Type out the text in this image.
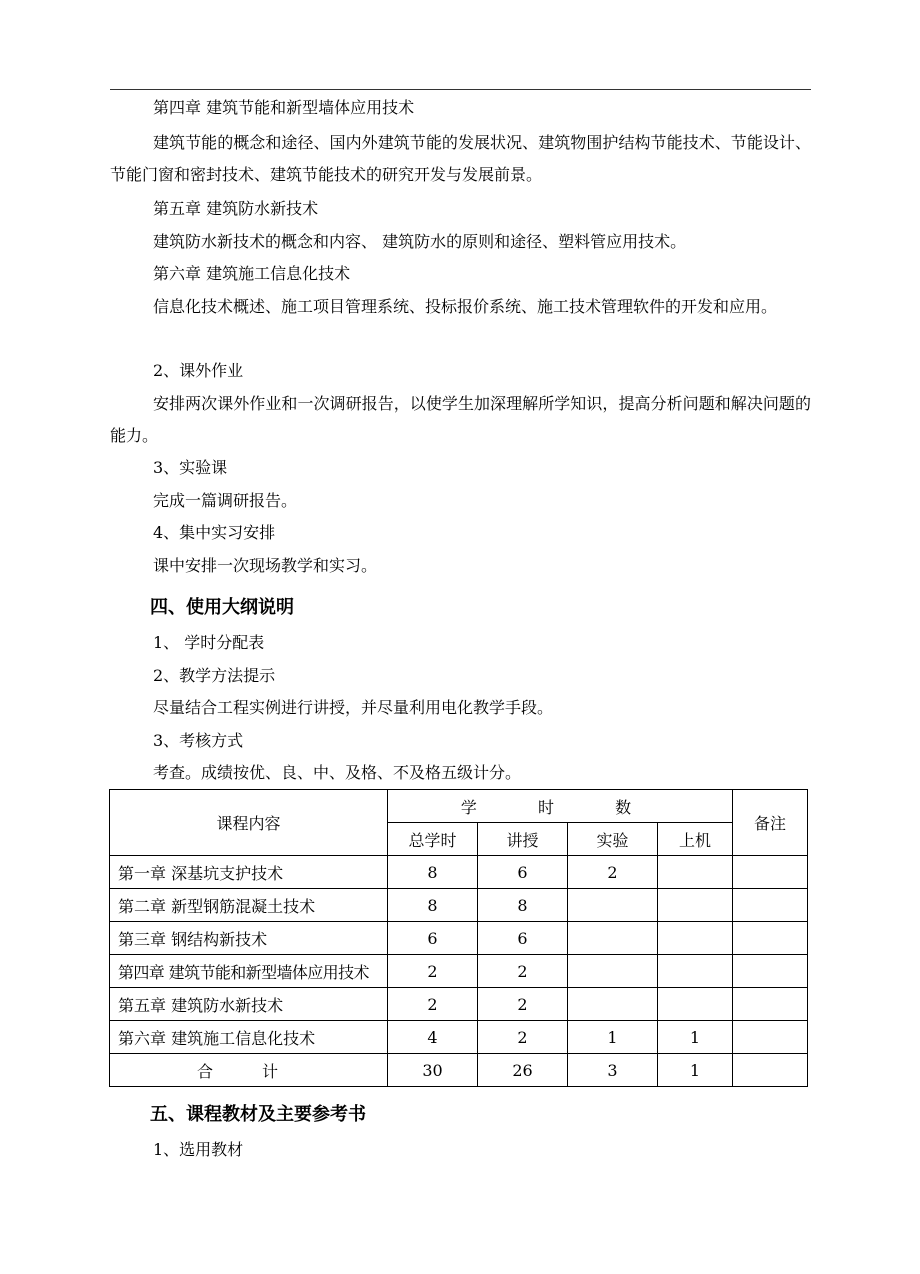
第四章 建筑节能和新型墙体应用技术
建筑节能的概念和途径、国内外建筑节能的发展状况、建筑物围护结构节能技术、节能设计、节能门窗和密封技术、建筑节能技术的研究开发与发展前景。
第五章 建筑防水新技术
建筑防水新技术的概念和内容、 建筑防水的原则和途径、塑料管应用技术。
第六章 建筑施工信息化技术
信息化技术概述、施工项目管理系统、投标报价系统、施工技术管理软件的开发和应用。
2、课外作业
安排两次课外作业和一次调研报告，以使学生加深理解所学知识，提高分析问题和解决问题的能力。
3、实验课
完成一篇调研报告。
4、集中实习安排
课中安排一次现场教学和实习。
四、使用大纲说明
1、 学时分配表
2、教学方法提示
尽量结合工程实例进行讲授，并尽量利用电化教学手段。
3、考核方式
考查。成绩按优、良、中、及格、不及格五级计分。
课程内容	学 时 数				备注
	总学时	讲授	实验	上机	
第一章 深基坑支护技术	8	6	2		
第二章 新型钢筋混凝土技术	8	8			
第三章 钢结构新技术	6	6			
第四章 建筑节能和新型墙体应用技术	2	2			
第五章 建筑防水新技术	2	2			
第六章 建筑施工信息化技术	4	2	1	1	
合 计	30	26	3	1	
五、课程教材及主要参考书
1、选用教材
